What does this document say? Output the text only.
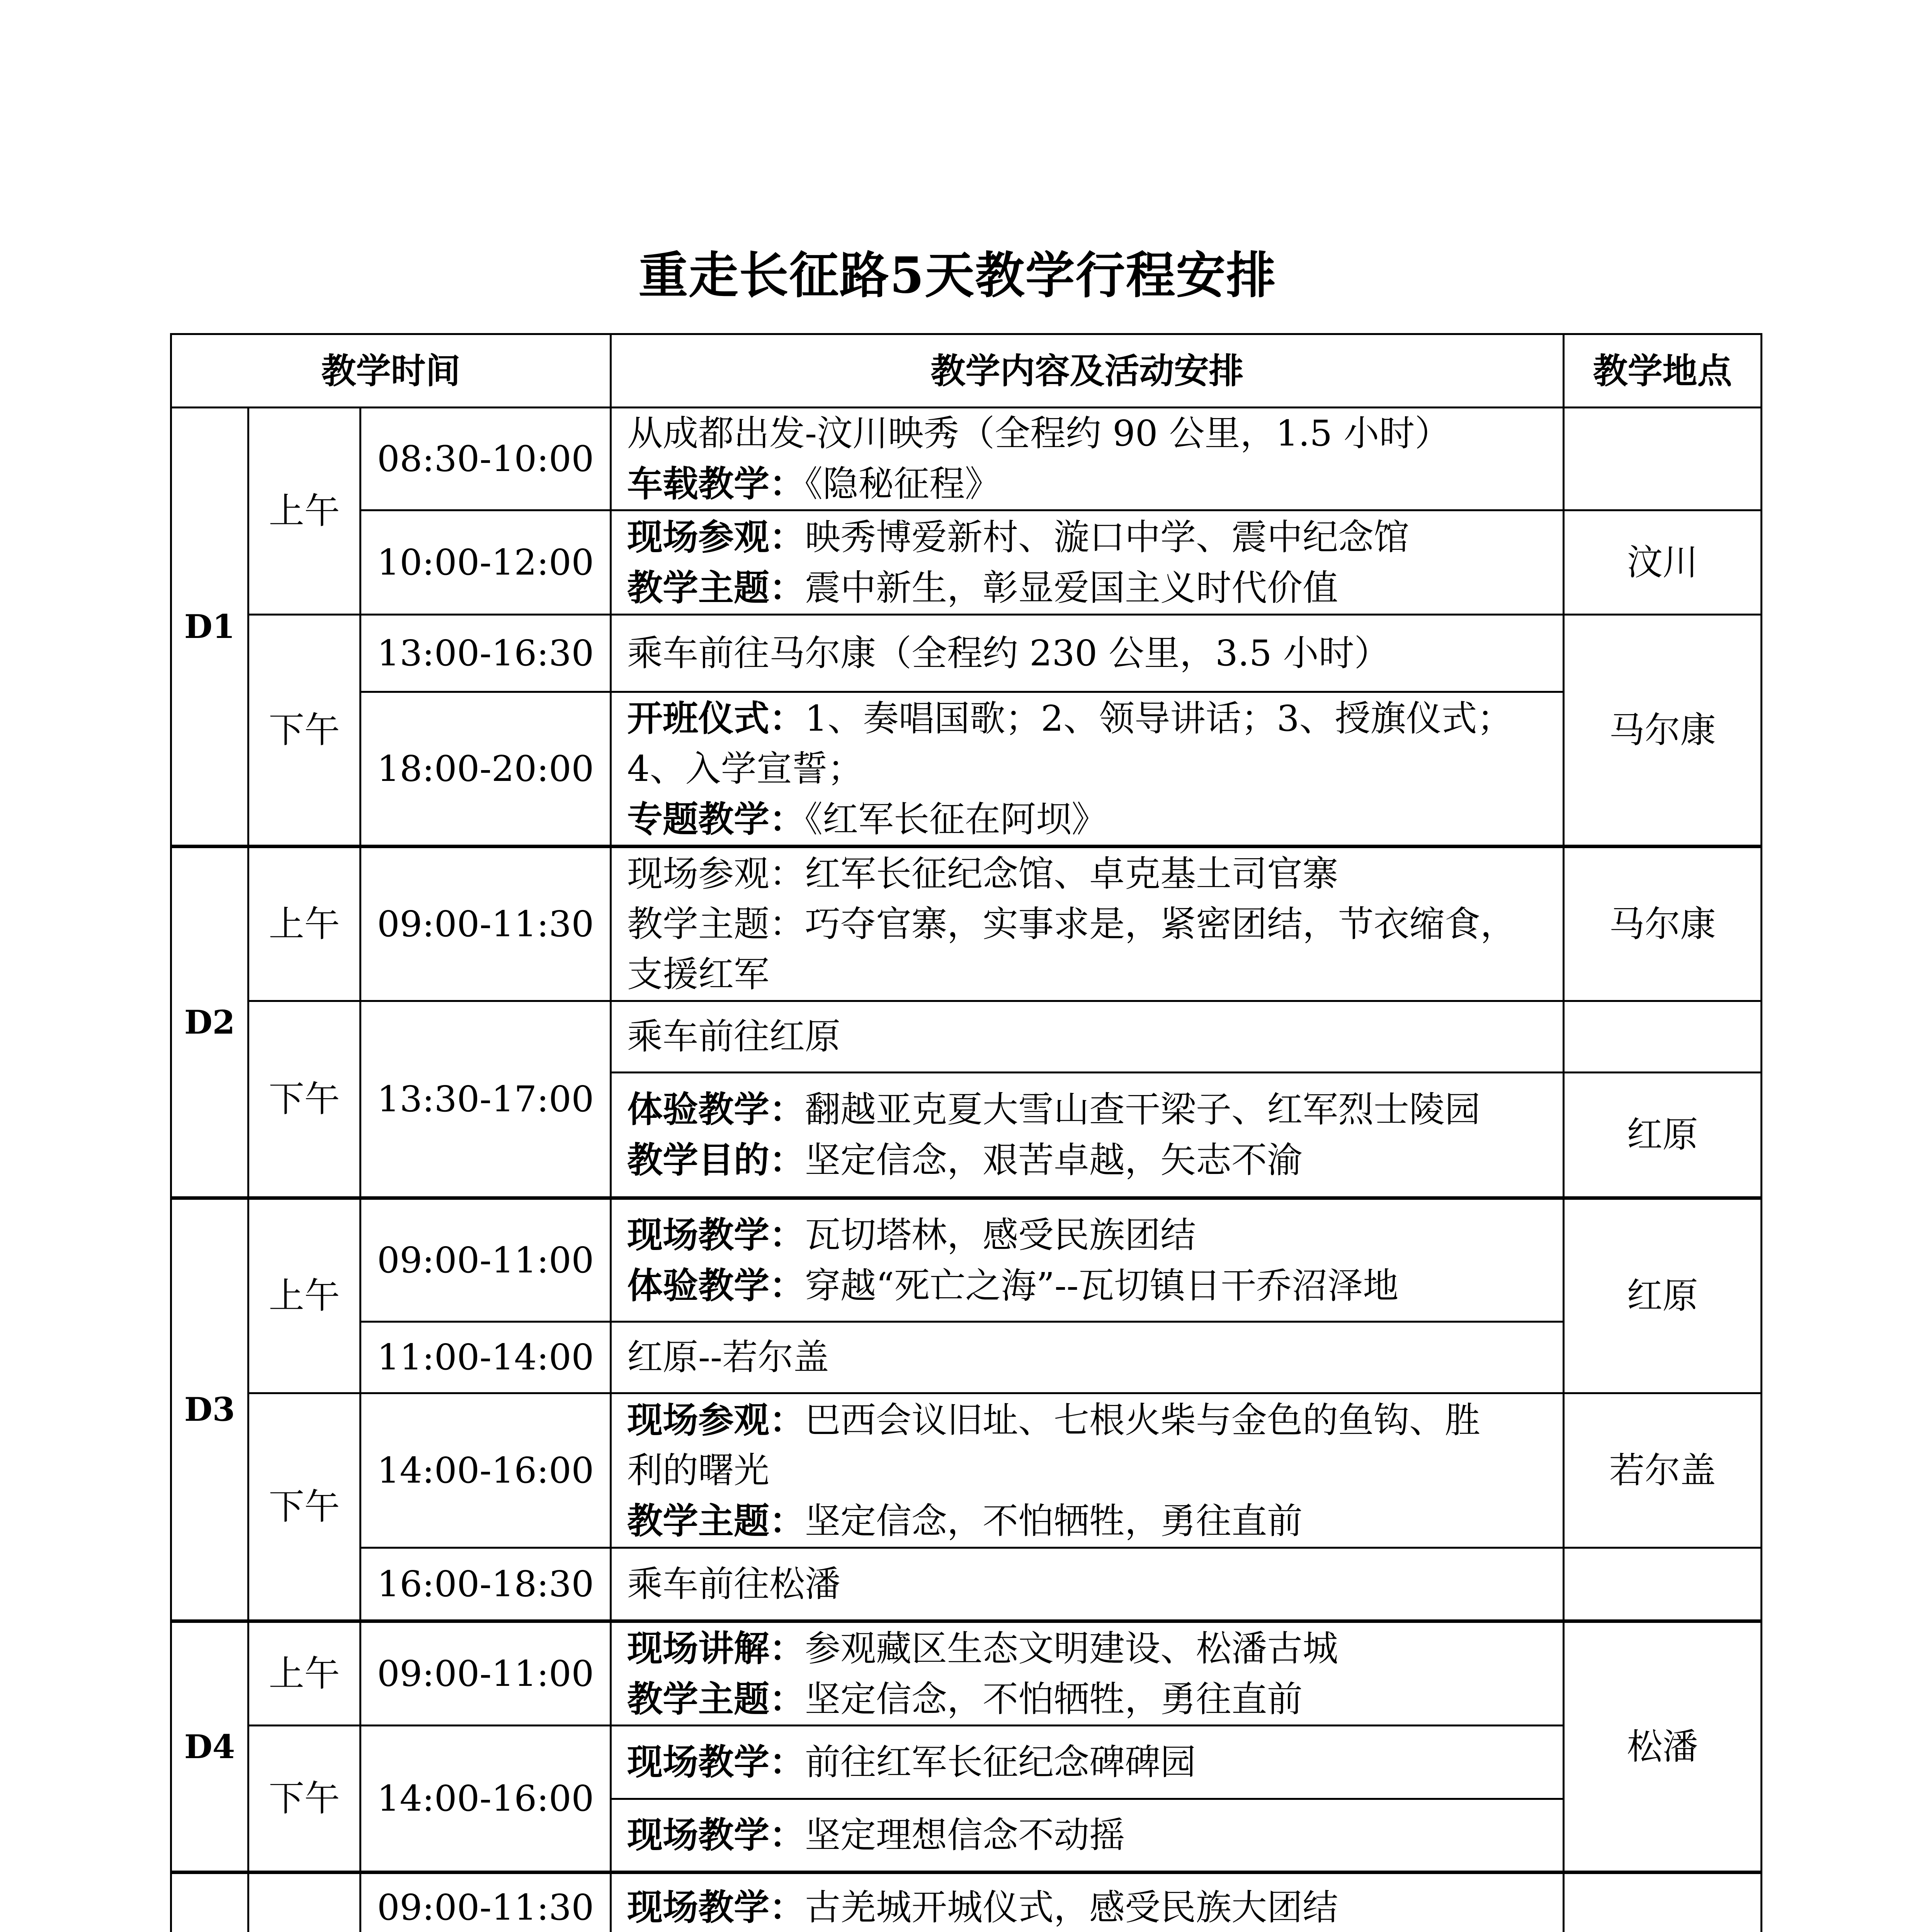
重走长征路5天教学行程安排
教学时间			教学内容及活动安排	教学地点
D1	上午	08:30-10:00	从成都出发-汶川映秀（全程约 90 公里，1.5 小时）
车载教学：《隐秘征程》	

		10:00-12:00	现场参观：映秀博爱新村、漩口中学、震中纪念馆
教学主题：震中新生，彰显爱国主义时代价值	汶川
	下午	13:00-16:30	乘车前往马尔康（全程约 230 公里，3.5 小时）	马尔康
		18:00-20:00	开班仪式：1、奏唱国歌；2、领导讲话；3、授旗仪式；
4、入学宣誓；
专题教学：《红军长征在阿坝》	

D2	上午	09:00-11:30	现场参观：红军长征纪念馆、卓克基土司官寨
教学主题：巧夺官寨，实事求是，紧密团结，节衣缩食，
支援红军	马尔康
	下午	13:30-17:00	乘车前往红原	

			体验教学：翻越亚克夏大雪山查干梁子、红军烈士陵园
教学目的：坚定信念，艰苦卓越，矢志不渝	红原
D3	上午	09:00-11:00	现场教学：瓦切塔林，感受民族团结
体验教学：穿越“死亡之海”--瓦切镇日干乔沼泽地	红原
		11:00-14:00	红原--若尔盖	
	下午	14:00-16:00	现场参观：巴西会议旧址、七根火柴与金色的鱼钩、胜
利的曙光
教学主题：坚定信念，不怕牺牲，勇往直前	若尔盖
		16:00-18:30	乘车前往松潘	
D4	上午	09:00-11:00	现场讲解：参观藏区生态文明建设、松潘古城
教学主题：坚定信念，不怕牺牲，勇往直前	松潘
	下午	14:00-16:00	现场教学：前往红军长征纪念碑碑园	
			现场教学：坚定理想信念不动摇	
		09:00-11:30	现场教学：古羌城开城仪式，感受民族大团结	
